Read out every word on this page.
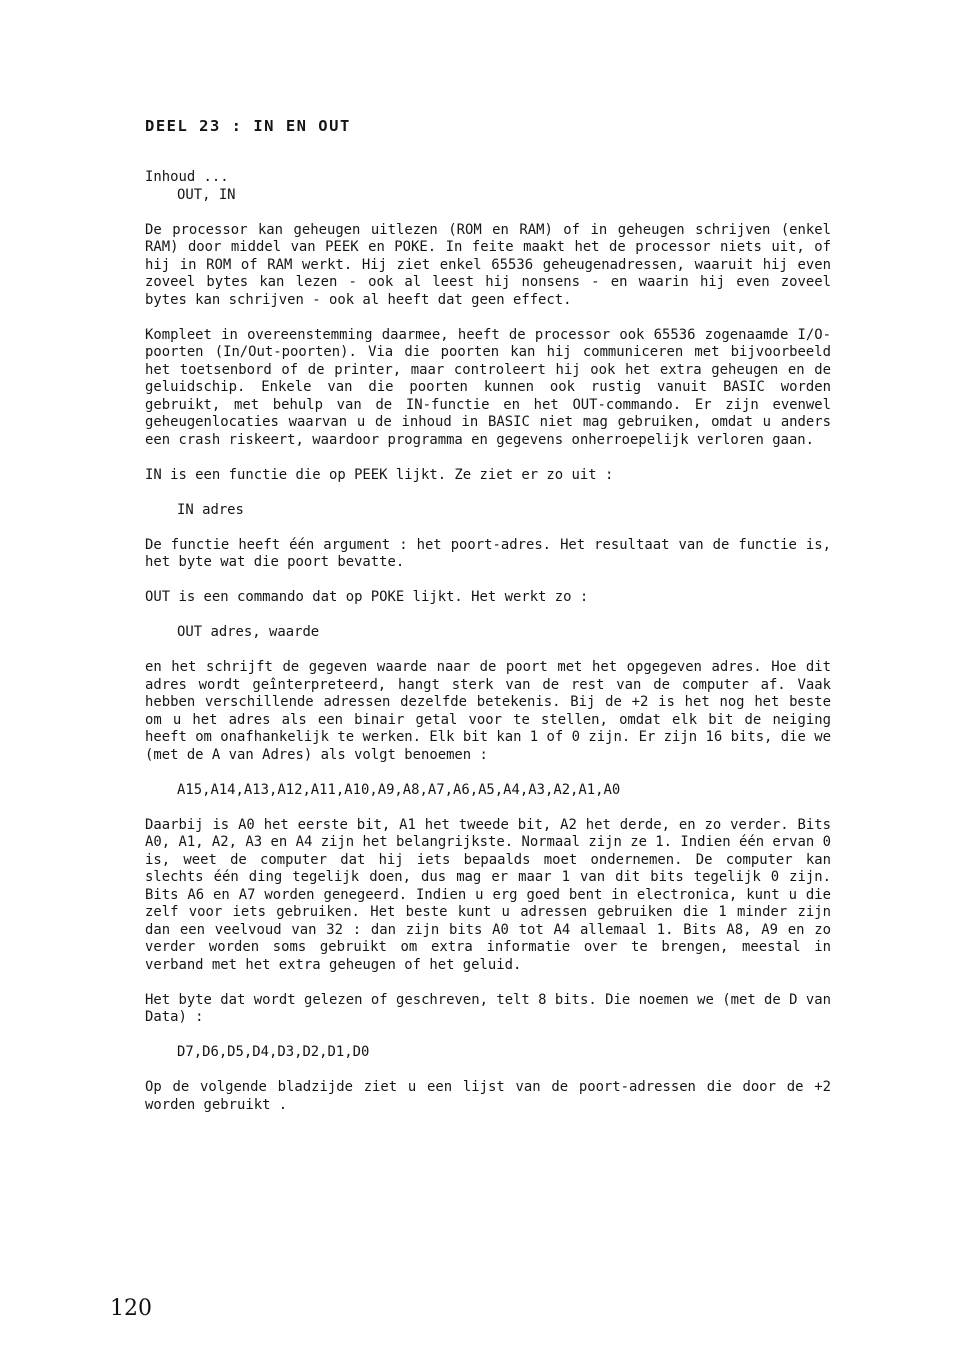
DEEL 23 : IN EN OUT

Inhoud ...

OUT, IN

De processor kan geheugen uitlezen (ROM en RAM) of in geheugen schrijven (enkel RAM) door middel van PEEK en POKE. In feite maakt het de processor niets uit, of hij in ROM of RAM werkt. Hij ziet enkel 65536 geheugenadressen, waaruit hij even zoveel bytes kan lezen - ook al leest hij nonsens - en waarin hij even zoveel bytes kan schrijven - ook al heeft dat geen effect.

Kompleet in overeenstemming daarmee, heeft de processor ook 65536 zogenaamde I/O-poorten (In/Out-poorten). Via die poorten kan hij communiceren met bijvoorbeeld het toetsenbord of de printer, maar controleert hij ook het extra geheugen en de geluidschip. Enkele van die poorten kunnen ook rustig vanuit BASIC worden gebruikt, met behulp van de IN-functie en het OUT-commando. Er zijn evenwel geheugenlocaties waarvan u de inhoud in BASIC niet mag gebruiken, omdat u anders een crash riskeert, waardoor programma en gegevens onherroepelijk verloren gaan.

IN is een functie die op PEEK lijkt. Ze ziet er zo uit :

IN adres

De functie heeft één argument : het poort-adres. Het resultaat van de functie is, het byte wat die poort bevatte.

OUT is een commando dat op POKE lijkt. Het werkt zo :

OUT adres, waarde

en het schrijft de gegeven waarde naar de poort met het opgegeven adres. Hoe dit adres wordt geînterpreteerd, hangt sterk van de rest van de computer af. Vaak hebben verschillende adressen dezelfde betekenis. Bij de +2 is het nog het beste om u het adres als een binair getal voor te stellen, omdat elk bit de neiging heeft om onafhankelijk te werken. Elk bit kan 1 of 0 zijn. Er zijn 16 bits, die we (met de A van Adres) als volgt benoemen :

A15,A14,A13,A12,A11,A10,A9,A8,A7,A6,A5,A4,A3,A2,A1,A0

Daarbij is A0 het eerste bit, A1 het tweede bit, A2 het derde, en zo verder. Bits A0, A1, A2, A3 en A4 zijn het belangrijkste. Normaal zijn ze 1. Indien één ervan 0 is, weet de computer dat hij iets bepaalds moet ondernemen. De computer kan slechts één ding tegelijk doen, dus mag er maar 1 van dit bits tegelijk 0 zijn. Bits A6 en A7 worden genegeerd. Indien u erg goed bent in electronica, kunt u die zelf voor iets gebruiken. Het beste kunt u adressen gebruiken die 1 minder zijn dan een veelvoud van 32 : dan zijn bits A0 tot A4 allemaal 1. Bits A8, A9 en zo verder worden soms gebruikt om extra informatie over te brengen, meestal in verband met het extra geheugen of het geluid.

Het byte dat wordt gelezen of geschreven, telt 8 bits. Die noemen we (met de D van Data) :

D7,D6,D5,D4,D3,D2,D1,D0

Op de volgende bladzijde ziet u een lijst van de poort-adressen die door de +2 worden gebruikt .

120
